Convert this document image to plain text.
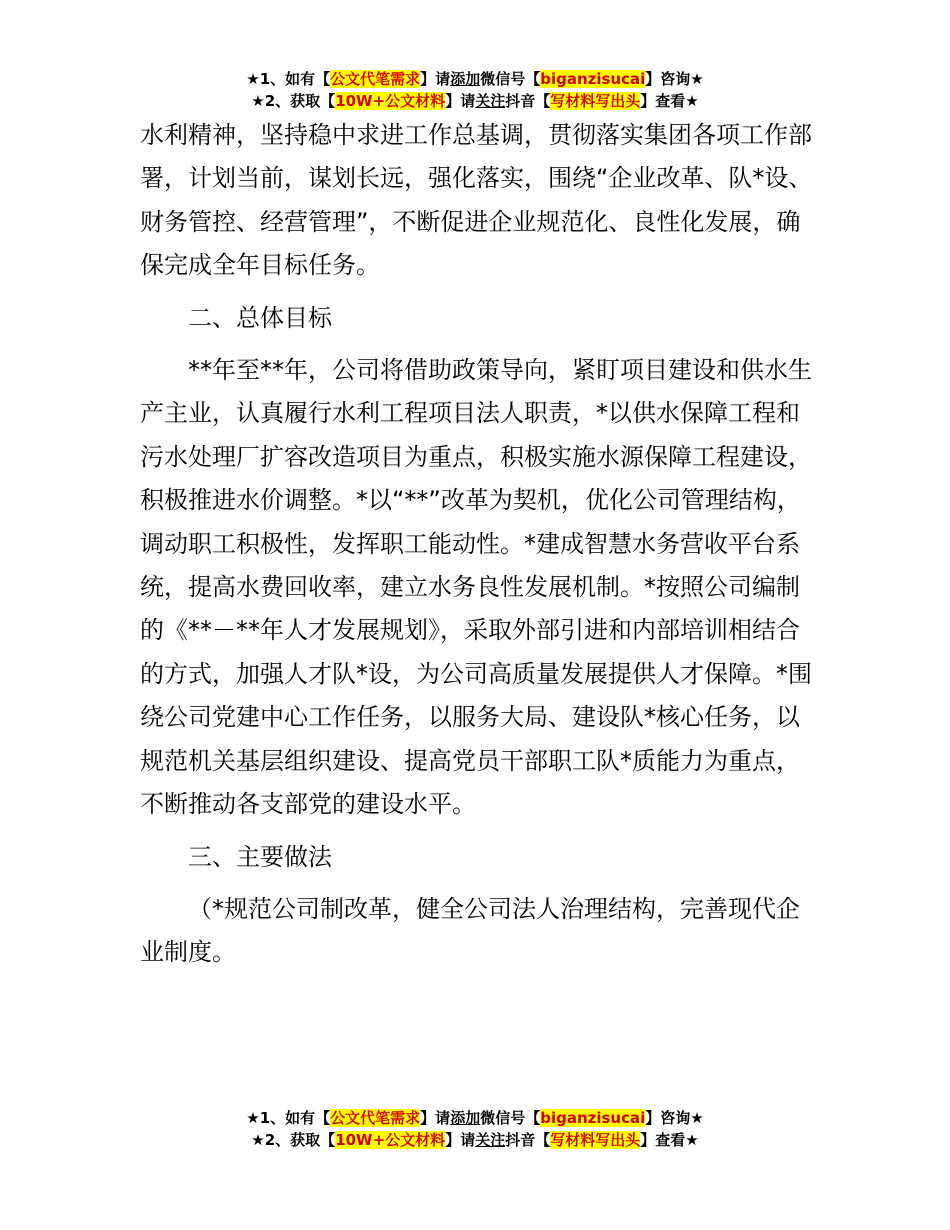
★1、如有【公文代笔需求】请添加微信号【biganzisucai】咨询★
★2、获取【10W+公文材料】请关注抖音【写材料写出头】查看★

水利精神，坚持稳中求进工作总基调，贯彻落实集团各项工作部署，计划当前，谋划长远，强化落实，围绕“企业改革、队*设、财务管控、经营管理”，不断促进企业规范化、良性化发展，确保完成全年目标任务。

二、总体目标

**年至**年，公司将借助政策导向，紧盯项目建设和供水生产主业，认真履行水利工程项目法人职责，*以供水保障工程和污水处理厂扩容改造项目为重点，积极实施水源保障工程建设，积极推进水价调整。*以“**”改革为契机，优化公司管理结构，调动职工积极性，发挥职工能动性。*建成智慧水务营收平台系统，提高水费回收率，建立水务良性发展机制。*按照公司编制的《**－**年人才发展规划》，采取外部引进和内部培训相结合的方式，加强人才队*设，为公司高质量发展提供人才保障。*围绕公司党建中心工作任务，以服务大局、建设队*核心任务，以规范机关基层组织建设、提高党员干部职工队*质能力为重点，不断推动各支部党的建设水平。

三、主要做法

（*规范公司制改革，健全公司法人治理结构，完善现代企业制度。

★1、如有【公文代笔需求】请添加微信号【biganzisucai】咨询★
★2、获取【10W+公文材料】请关注抖音【写材料写出头】查看★
